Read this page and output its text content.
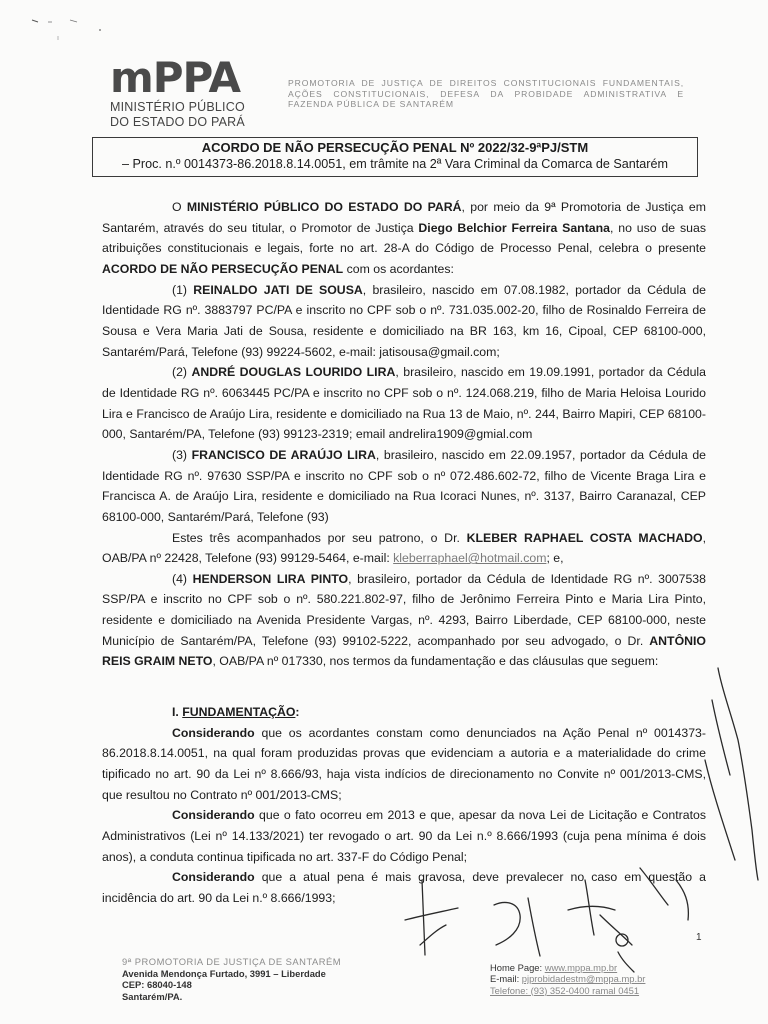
mPPA
MINISTÉRIO PÚBLICO
DO ESTADO DO PARÁ
PROMOTORIA DE JUSTIÇA DE DIREITOS CONSTITUCIONAIS FUNDAMENTAIS,
AÇÕES CONSTITUCIONAIS, DEFESA DA PROBIDADE ADMINISTRATIVA E
FAZENDA PÚBLICA DE SANTARÉM
ACORDO DE NÃO PERSECUÇÃO PENAL Nº 2022/32-9ªPJ/STM
– Proc. n.º 0014373-86.2018.8.14.0051, em trâmite na 2ª Vara Criminal da Comarca de Santarém

O MINISTÉRIO PÚBLICO DO ESTADO DO PARÁ, por meio da 9ª Promotoria de Justiça em Santarém, através do seu titular, o Promotor de Justiça Diego Belchior Ferreira Santana, no uso de suas atribuições constitucionais e legais, forte no art. 28-A do Código de Processo Penal, celebra o presente ACORDO DE NÃO PERSECUÇÃO PENAL com os acordantes:

(1) REINALDO JATI DE SOUSA, brasileiro, nascido em 07.08.1982, portador da Cédula de Identidade RG nº. 3883797 PC/PA e inscrito no CPF sob o nº. 731.035.002-20, filho de Rosinaldo Ferreira de Sousa e Vera Maria Jati de Sousa, residente e domiciliado na BR 163, km 16, Cipoal, CEP 68100-000, Santarém/Pará, Telefone (93) 99224-5602, e-mail: jatisousa@gmail.com;

(2) ANDRÉ DOUGLAS LOURIDO LIRA, brasileiro, nascido em 19.09.1991, portador da Cédula de Identidade RG nº. 6063445 PC/PA e inscrito no CPF sob o nº. 124.068.219, filho de Maria Heloisa Lourido Lira e Francisco de Araújo Lira, residente e domiciliado na Rua 13 de Maio, nº. 244, Bairro Mapiri, CEP 68100-000, Santarém/PA, Telefone (93) 99123-2319; email andrelira1909@gmial.com

(3) FRANCISCO DE ARAÚJO LIRA, brasileiro, nascido em 22.09.1957, portador da Cédula de Identidade RG nº. 97630 SSP/PA e inscrito no CPF sob o nº 072.486.602-72, filho de Vicente Braga Lira e Francisca A. de Araújo Lira, residente e domiciliado na Rua Icoraci Nunes, nº. 3137, Bairro Caranazal, CEP 68100-000, Santarém/Pará, Telefone (93)

Estes três acompanhados por seu patrono, o Dr. KLEBER RAPHAEL COSTA MACHADO, OAB/PA nº 22428, Telefone (93) 99129-5464, e-mail: kleberraphael@hotmail.com; e,

(4) HENDERSON LIRA PINTO, brasileiro, portador da Cédula de Identidade RG nº. 3007538 SSP/PA e inscrito no CPF sob o nº. 580.221.802-97, filho de Jerônimo Ferreira Pinto e Maria Lira Pinto, residente e domiciliado na Avenida Presidente Vargas, nº. 4293, Bairro Liberdade, CEP 68100-000, neste Município de Santarém/PA, Telefone (93) 99102-5222, acompanhado por seu advogado, o Dr. ANTÔNIO REIS GRAIM NETO, OAB/PA nº 017330, nos termos da fundamentação e das cláusulas que seguem:

I. FUNDAMENTAÇÃO:

Considerando que os acordantes constam como denunciados na Ação Penal nº 0014373-86.2018.8.14.0051, na qual foram produzidas provas que evidenciam a autoria e a materialidade do crime tipificado no art. 90 da Lei nº 8.666/93, haja vista indícios de direcionamento no Convite nº 001/2013-CMS, que resultou no Contrato nº 001/2013-CMS;

Considerando que o fato ocorreu em 2013 e que, apesar da nova Lei de Licitação e Contratos Administrativos (Lei nº 14.133/2021) ter revogado o art. 90 da Lei n.º 8.666/1993 (cuja pena mínima é dois anos), a conduta continua tipificada no art. 337-F do Código Penal;

Considerando que a atual pena é mais gravosa, deve prevalecer no caso em questão a incidência do art. 90 da Lei n.º 8.666/1993;

1
9ª PROMOTORIA DE JUSTIÇA DE SANTARÉM
Avenida Mendonça Furtado, 3991 – Liberdade
CEP: 68040-148
Santarém/PA.
Home Page: www.mppa.mp.br
E-mail: pjprobidadestm@mppa.mp.br
Telefone: (93) 352-0400 ramal 0451
